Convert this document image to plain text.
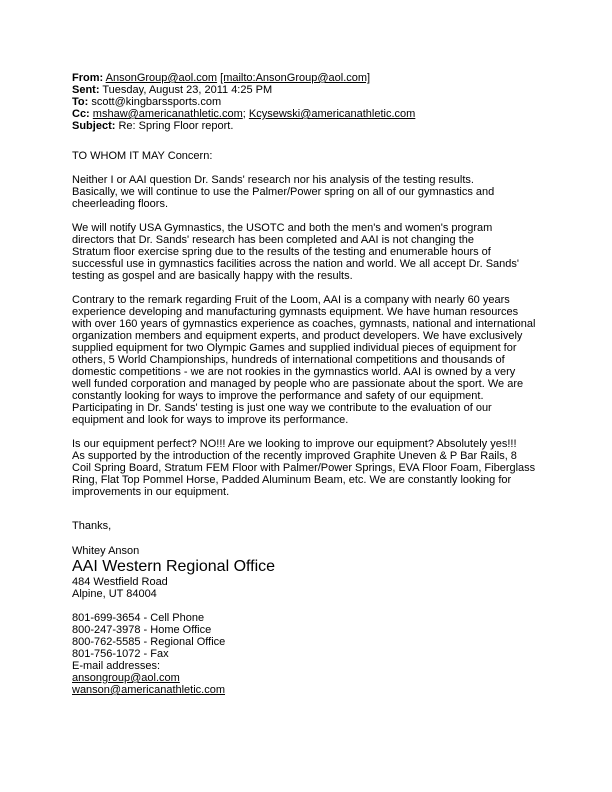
From: AnsonGroup@aol.com [mailto:AnsonGroup@aol.com]
Sent: Tuesday, August 23, 2011 4:25 PM
To: scott@kingbarssports.com
Cc: mshaw@americanathletic.com; Kcysewski@americanathletic.com
Subject: Re: Spring Floor report.

TO WHOM IT MAY Concern:

Neither I or AAI question Dr. Sands' research nor his analysis of the testing results.

Basically, we will continue to use the Palmer/Power spring on all of our gymnastics and

cheerleading floors.

We will notify USA Gymnastics, the USOTC and both the men's and women's program

directors that Dr. Sands' research has been completed and AAI is not changing the

Stratum floor exercise spring due to the results of the testing and enumerable hours of

successful use in gymnastics facilities across the nation and world. We all accept Dr. Sands'

testing as gospel and are basically happy with the results.

Contrary to the remark regarding Fruit of the Loom, AAI is a company with nearly 60 years

experience developing and manufacturing gymnasts equipment. We have human resources

with over 160 years of gymnastics experience as coaches, gymnasts, national and international

organization members and equipment experts, and product developers. We have exclusively

supplied equipment for two Olympic Games and supplied individual pieces of equipment for

others, 5 World Championships, hundreds of international competitions and thousands of

domestic competitions - we are not rookies in the gymnastics world. AAI is owned by a very

well funded corporation and managed by people who are passionate about the sport. We are

constantly looking for ways to improve the performance and safety of our equipment.

Participating in Dr. Sands' testing is just one way we contribute to the evaluation of our

equipment and look for ways to improve its performance.

Is our equipment perfect? NO!!! Are we looking to improve our equipment? Absolutely yes!!!

As supported by the introduction of the recently improved Graphite Uneven & P Bar Rails, 8

Coil Spring Board, Stratum FEM Floor with Palmer/Power Springs, EVA Floor Foam, Fiberglass

Ring, Flat Top Pommel Horse, Padded Aluminum Beam, etc. We are constantly looking for

improvements in our equipment.

Thanks,

Whitey Anson

AAI Western Regional Office

484 Westfield Road

Alpine, UT 84004

801-699-3654 - Cell Phone

800-247-3978 - Home Office

800-762-5585 - Regional Office

801-756-1072 - Fax

E-mail addresses:

ansongroup@aol.com

wanson@americanathletic.com
